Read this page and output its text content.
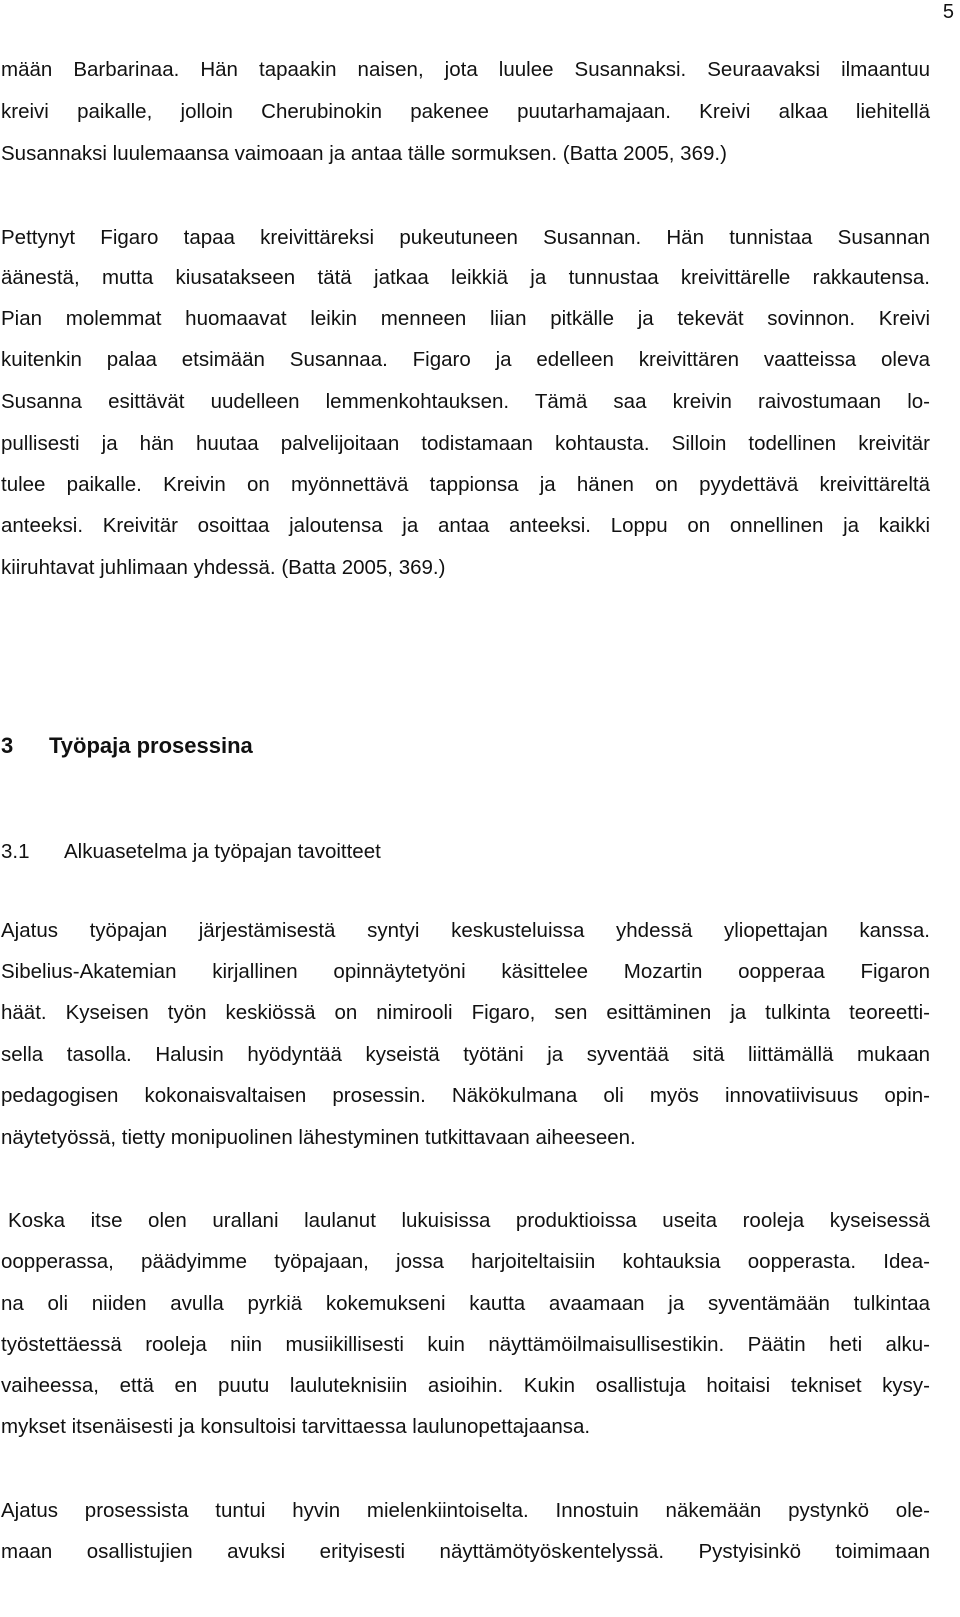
5
mään Barbarinaa. Hän tapaakin naisen, jota luulee Susannaksi. Seuraavaksi ilmaantuu
kreivi paikalle, jolloin Cherubinokin pakenee puutarhamajaan. Kreivi alkaa liehitellä
Susannaksi luulemaansa vaimoaan ja antaa tälle sormuksen. (Batta 2005, 369.)
Pettynyt Figaro tapaa kreivittäreksi pukeutuneen Susannan. Hän tunnistaa Susannan
äänestä, mutta kiusatakseen tätä jatkaa leikkiä ja tunnustaa kreivittärelle rakkautensa.
Pian molemmat huomaavat leikin menneen liian pitkälle ja tekevät sovinnon. Kreivi
kuitenkin palaa etsimään Susannaa. Figaro ja edelleen kreivittären vaatteissa oleva
Susanna esittävät uudelleen lemmenkohtauksen. Tämä saa kreivin raivostumaan lo-
pullisesti ja hän huutaa palvelijoitaan todistamaan kohtausta. Silloin todellinen kreivitär
tulee paikalle. Kreivin on myönnettävä tappionsa ja hänen on pyydettävä kreivittäreltä
anteeksi. Kreivitär osoittaa jaloutensa ja antaa anteeksi. Loppu on onnellinen ja kaikki
kiiruhtavat juhlimaan yhdessä. (Batta 2005, 369.)
3 Työpaja prosessina
3.1 Alkuasetelma ja työpajan tavoitteet
Ajatus työpajan järjestämisestä syntyi keskusteluissa yhdessä yliopettajan kanssa.
Sibelius-Akatemian kirjallinen opinnäytetyöni käsittelee Mozartin oopperaa Figaron
häät. Kyseisen työn keskiössä on nimirooli Figaro, sen esittäminen ja tulkinta teoreetti-
sella tasolla. Halusin hyödyntää kyseistä työtäni ja syventää sitä liittämällä mukaan
pedagogisen kokonaisvaltaisen prosessin. Näkökulmana oli myös innovatiivisuus opin-
näytetyössä, tietty monipuolinen lähestyminen tutkittavaan aiheeseen.
Koska itse olen urallani laulanut lukuisissa produktioissa useita rooleja kyseisessä
oopperassa, päädyimme työpajaan, jossa harjoiteltaisiin kohtauksia oopperasta. Idea-
na oli niiden avulla pyrkiä kokemukseni kautta avaamaan ja syventämään tulkintaa
työstettäessä rooleja niin musiikillisesti kuin näyttämöilmaisullisestikin. Päätin heti alku-
vaiheessa, että en puutu lauluteknisiin asioihin. Kukin osallistuja hoitaisi tekniset kysy-
mykset itsenäisesti ja konsultoisi tarvittaessa laulunopettajaansa.
Ajatus prosessista tuntui hyvin mielenkiintoiselta. Innostuin näkemään pystynkö ole-
maan osallistujien avuksi erityisesti näyttämötyöskentelyssä. Pystyisinkö toimimaan
